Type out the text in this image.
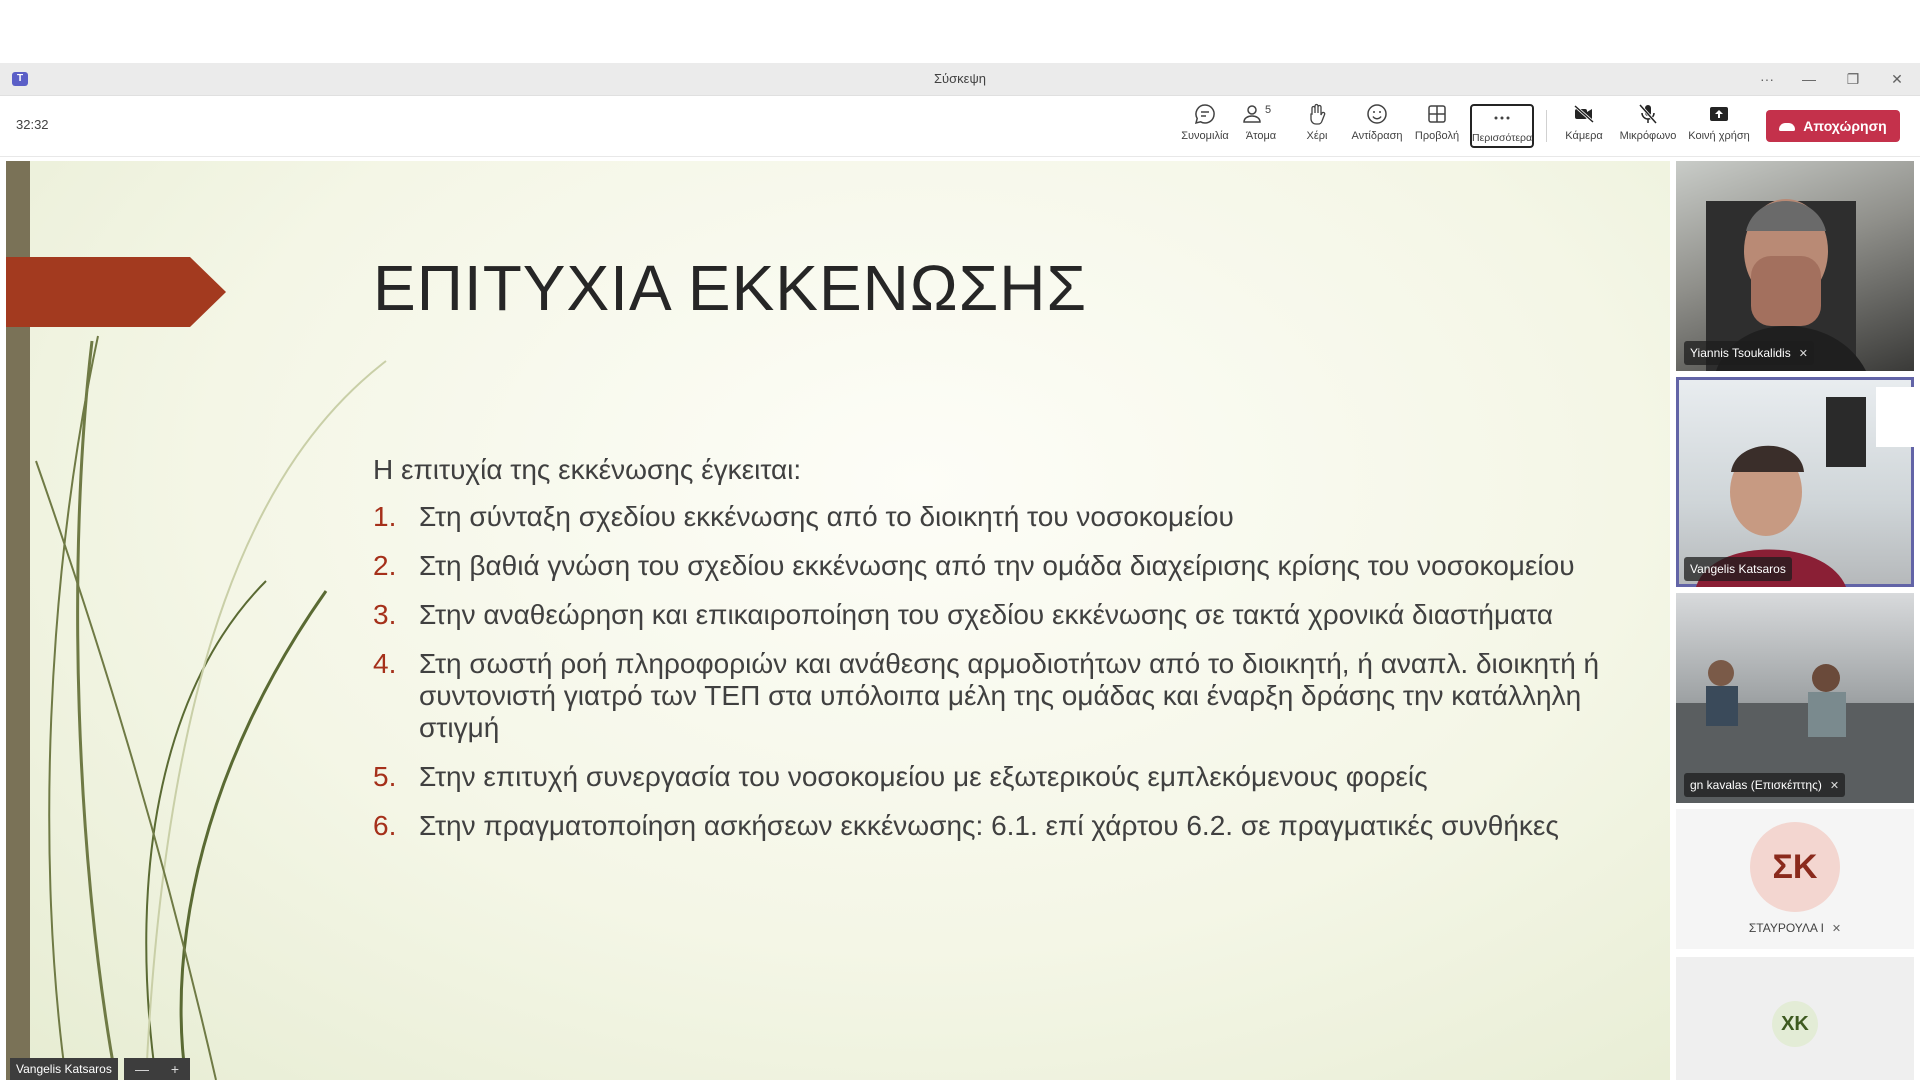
T	Σύσκεψη	···	—	❐	✕
32:32
Συνομιλία
5
Άτομα	Χέρι	Αντίδραση	Προβολή Περισσότερα	Κάμερα	Μικρόφωνο	Κοινή χρήση
Αποχώρηση
ΕΠΙΤΥΧΙΑ ΕΚΚΕΝΩΣΗΣ
Η επιτυχία της εκκένωσης έγκειται:
1. Στη σύνταξη σχεδίου εκκένωσης από το διοικητή του νοσοκομείου
2. Στη βαθιά γνώση του σχεδίου εκκένωσης από την ομάδα διαχείρισης κρίσης του νοσοκομείου
3. Στην αναθεώρηση και επικαιροποίηση του σχεδίου εκκένωσης σε τακτά χρονικά διαστήματα
4. Στη σωστή ροή πληροφοριών και ανάθεσης αρμοδιοτήτων από το διοικητή, ή αναπλ. διοικητή ή συντονιστή γιατρό των ΤΕΠ στα υπόλοιπα μέλη της ομάδας και έναρξη δράσης την κατάλληλη στιγμή
5. Στην επιτυχή συνεργασία του νοσοκομείου με εξωτερικούς εμπλεκόμενους φορείς
6. Στην πραγματοποίηση ασκήσεων εκκένωσης: 6.1. επί χάρτου 6.2. σε πραγματικές συνθήκες
Vangelis Katsaros	— +
Yiannis Tsoukalidis ✕
Vangelis Katsaros
gn kavalas (Επισκέπτης) ✕
ΣΚ
ΣΤΑΥΡΟΥΛΑ Ι ✕
ΧΚ
